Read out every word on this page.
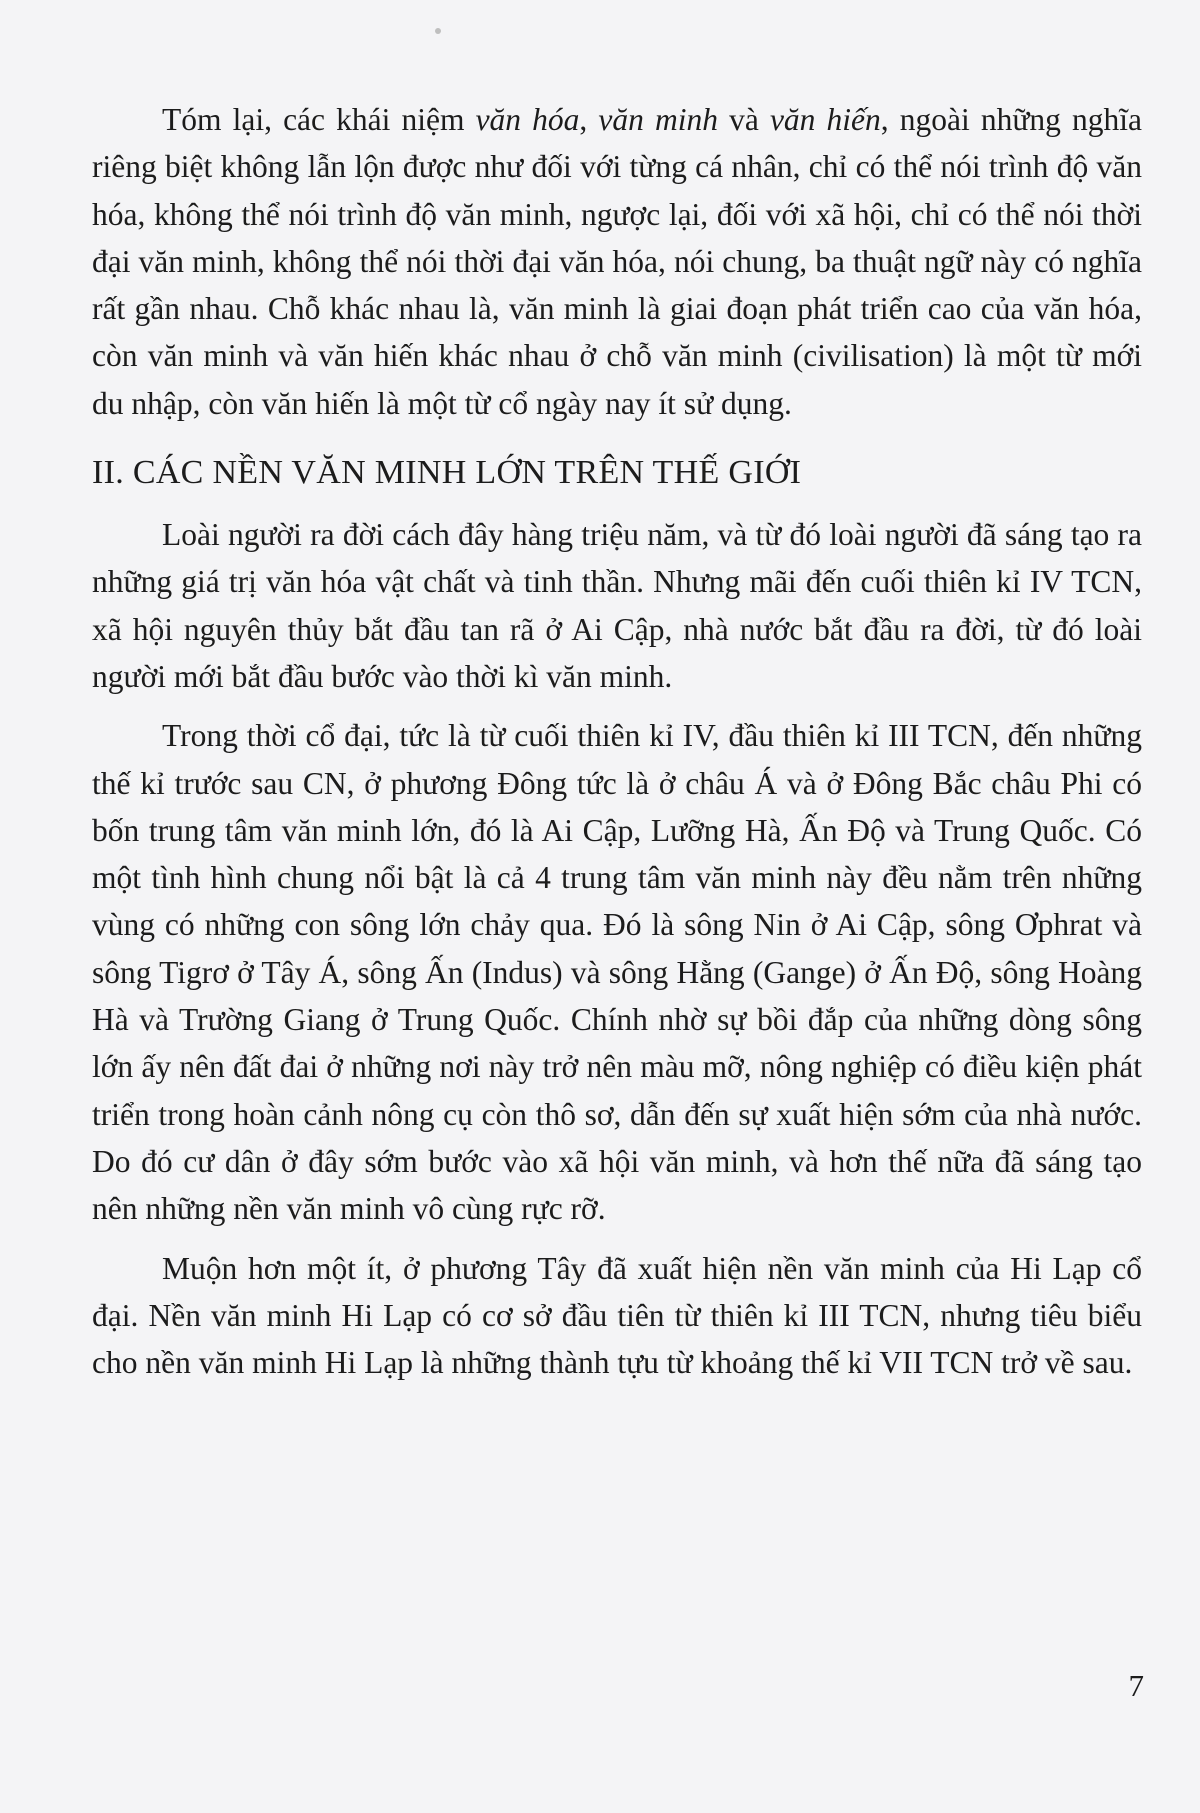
Tóm lại, các khái niệm văn hóa, văn minh và văn hiến, ngoài những nghĩa riêng biệt không lẫn lộn được như đối với từng cá nhân, chỉ có thể nói trình độ văn hóa, không thể nói trình độ văn minh, ngược lại, đối với xã hội, chỉ có thể nói thời đại văn minh, không thể nói thời đại văn hóa, nói chung, ba thuật ngữ này có nghĩa rất gần nhau. Chỗ khác nhau là, văn minh là giai đoạn phát triển cao của văn hóa, còn văn minh và văn hiến khác nhau ở chỗ văn minh (civilisation) là một từ mới du nhập, còn văn hiến là một từ cổ ngày nay ít sử dụng.

II. CÁC NỀN VĂN MINH LỚN TRÊN THẾ GIỚI

Loài người ra đời cách đây hàng triệu năm, và từ đó loài người đã sáng tạo ra những giá trị văn hóa vật chất và tinh thần. Nhưng mãi đến cuối thiên kỉ IV TCN, xã hội nguyên thủy bắt đầu tan rã ở Ai Cập, nhà nước bắt đầu ra đời, từ đó loài người mới bắt đầu bước vào thời kì văn minh.

Trong thời cổ đại, tức là từ cuối thiên kỉ IV, đầu thiên kỉ III TCN, đến những thế kỉ trước sau CN, ở phương Đông tức là ở châu Á và ở Đông Bắc châu Phi có bốn trung tâm văn minh lớn, đó là Ai Cập, Lưỡng Hà, Ấn Độ và Trung Quốc. Có một tình hình chung nổi bật là cả 4 trung tâm văn minh này đều nằm trên những vùng có những con sông lớn chảy qua. Đó là sông Nin ở Ai Cập, sông Ơphrat và sông Tigrơ ở Tây Á, sông Ấn (Indus) và sông Hằng (Gange) ở Ấn Độ, sông Hoàng Hà và Trường Giang ở Trung Quốc. Chính nhờ sự bồi đắp của những dòng sông lớn ấy nên đất đai ở những nơi này trở nên màu mỡ, nông nghiệp có điều kiện phát triển trong hoàn cảnh nông cụ còn thô sơ, dẫn đến sự xuất hiện sớm của nhà nước. Do đó cư dân ở đây sớm bước vào xã hội văn minh, và hơn thế nữa đã sáng tạo nên những nền văn minh vô cùng rực rỡ.

Muộn hơn một ít, ở phương Tây đã xuất hiện nền văn minh của Hi Lạp cổ đại. Nền văn minh Hi Lạp có cơ sở đầu tiên từ thiên kỉ III TCN, nhưng tiêu biểu cho nền văn minh Hi Lạp là những thành tựu từ khoảng thế kỉ VII TCN trở về sau.

7
